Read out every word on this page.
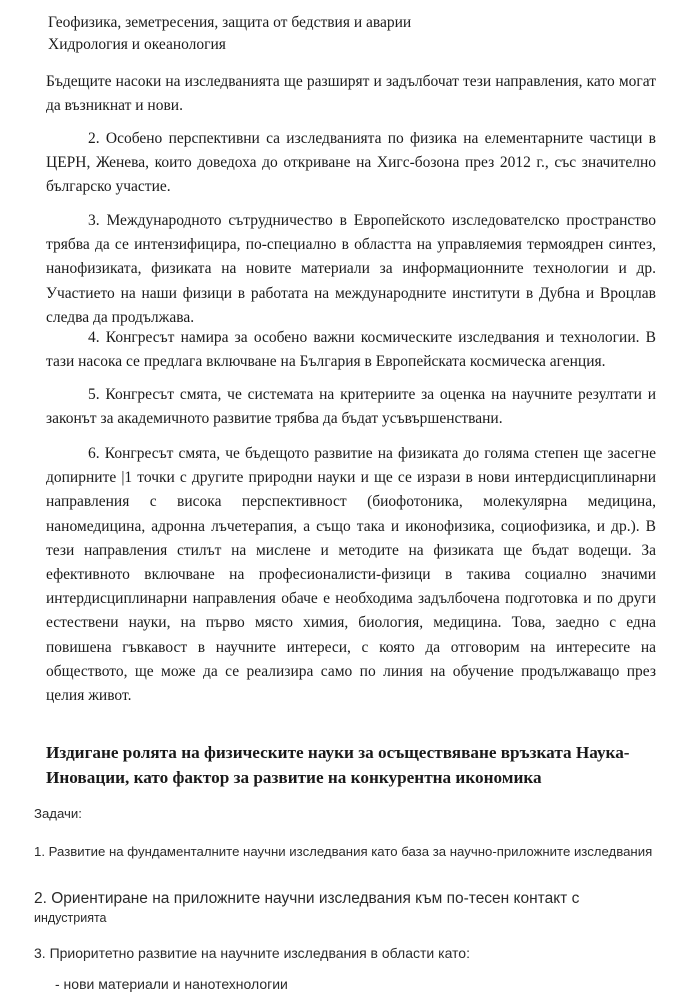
Геофизика, земетресения, защита от бедствия и аварии
Хидрология и океанология

Бъдещите насоки на изследванията ще разширят и задълбочат тези направления, като могат да възникнат и нови.

2. Особено перспективни са изследванията по физика на елементарните частици в ЦЕРН, Женева, които доведоха до откриване на Хигс-бозона през 2012 г., със значително българско участие.

3. Международното сътрудничество в Европейското изследователско пространство трябва да се интензифицира, по-специално в областта на управляемия термоядрен синтез, нанофизиката, физиката на новите материали за информационните технологии и др. Участието на наши физици в работата на международните институти в Дубна и Вроцлав следва да продължава.

4. Конгресът намира за особено важни космическите изследвания и технологии. В тази насока се предлага включване на България в Европейската космическа агенция.

5. Конгресът смята, че системата на критериите за оценка на научните резултати и законът за академичното развитие трябва да бъдат усъвършенствани.

6. Конгресът смята, че бъдещото развитие на физиката до голяма степен ще засегне допирните |1 точки с другите природни науки и ще се изрази в нови интердисциплинарни направления с висока перспективност (биофотоника, молекулярна медицина, наномедицина, адронна лъчетерапия, а също така и иконофизика, социофизика, и др.). В тези направления стилът на мислене и методите на физиката ще бъдат водещи. За ефективното включване на професионалисти-физици в такива социално значими интердисциплинарни направления обаче е необходима задълбочена подготовка и по други естествени науки, на първо място химия, биология, медицина. Това, заедно с една повишена гъвкавост в научните интереси, с която да отговорим на интересите на обществото, ще може да се реализира само по линия на обучение продължаващо през целия живот.

Издигане ролята на физическите науки за осъществяване връзката Наука-Иновации, като фактор за развитие на конкурентна икономика
Задачи:
1. Развитие на фундаменталните научни изследвания като база за научно-приложните изследвания
2. Ориентиране на приложните научни изследвания към по-тесен контакт с
индустрията
3. Приоритетно развитие на научните изследвания в области като:
- нови материали и нанотехнологии
